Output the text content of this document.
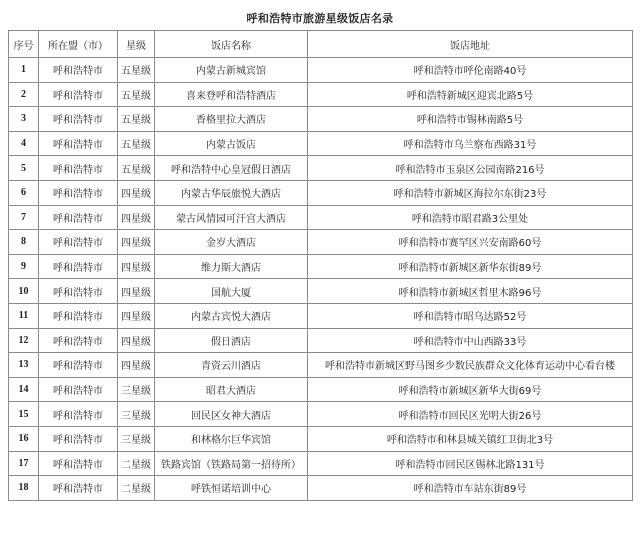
呼和浩特市旅游星级饭店名录
序号	所在盟（市）	星级	饭店名称	饭店地址
1	呼和浩特市	五星级	内蒙古新城宾馆	呼和浩特市呼伦南路40号
2	呼和浩特市	五星级	喜来登呼和浩特酒店	呼和浩特新城区迎宾北路5号
3	呼和浩特市	五星级	香格里拉大酒店	呼和浩特市锡林南路5号
4	呼和浩特市	五星级	内蒙古饭店	呼和浩特市乌兰察布西路31号
5	呼和浩特市	五星级	呼和浩特中心皇冠假日酒店	呼和浩特市玉泉区公园南路216号
6	呼和浩特市	四星级	内蒙古华辰旅悦大酒店	呼和浩特市新城区海拉尔东街23号
7	呼和浩特市	四星级	蒙古风情园可汗宫大酒店	呼和浩特市昭君路3公里处
8	呼和浩特市	四星级	金岁大酒店	呼和浩特市赛罕区兴安南路60号
9	呼和浩特市	四星级	维力斯大酒店	呼和浩特市新城区新华东街89号
10	呼和浩特市	四星级	国航大厦	呼和浩特市新城区哲里木路96号
11	呼和浩特市	四星级	内蒙古宾悦大酒店	呼和浩特市昭乌达路52号
12	呼和浩特市	四星级	假日酒店	呼和浩特市中山西路33号
13	呼和浩特市	四星级	青资云川酒店	呼和浩特市新城区野马图乡少数民族群众文化体育运动中心看台楼
14	呼和浩特市	三星级	昭君大酒店	呼和浩特市新城区新华大街69号
15	呼和浩特市	三星级	回民区女神大酒店	呼和浩特市回民区光明大街26号
16	呼和浩特市	三星级	和林格尔巨华宾馆	呼和浩特市和林县城关镇红卫街北3号
17	呼和浩特市	二星级	铁路宾馆（铁路局第一招待所）	呼和浩特市回民区锡林北路131号
18	呼和浩特市	二星级	呼铁恒诺培训中心	呼和浩特市车站东街89号
